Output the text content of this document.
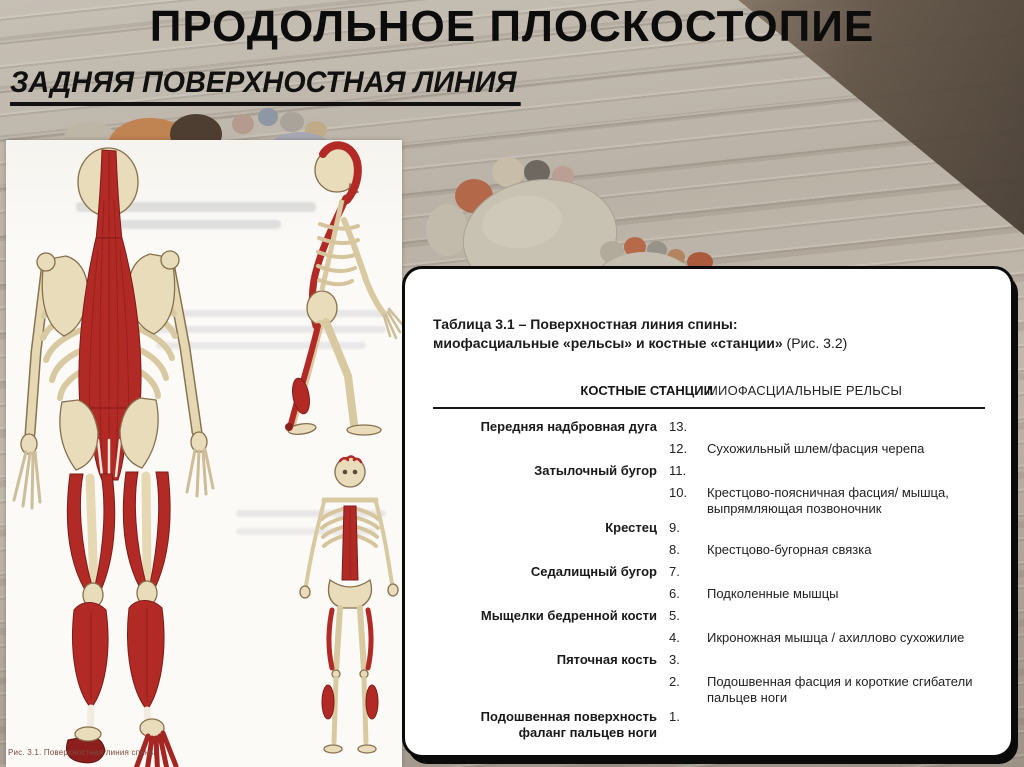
ПРОДОЛЬНОЕ ПЛОСКОСТОПИЕ
ЗАДНЯЯ ПОВЕРХНОСТНАЯ ЛИНИЯ
Рис. 3.1. Поверхностная линия спины
Таблица 3.1 – Поверхностная линия спины:
миофасциальные «рельсы» и костные «станции» (Рис. 3.2)
КОСТНЫЕ СТАНЦИИ
МИОФАСЦИАЛЬНЫЕ РЕЛЬСЫ
Передняя надбровная дуга 13.
12.	Сухожильный шлем/фасция черепа
Затылочный бугор 11.
10.	Крестцово-поясничная фасция/ мышца, выпрямляющая позвоночник
Крестец 9.
8.	Крестцово-бугорная связка
Седалищный бугор 7.
6.	Подколенные мышцы
Мыщелки бедренной кости 5.
4.	Икроножная мышца / ахиллово сухожилие
Пяточная кость 3.
2.	Подошвенная фасция и короткие сгибатели пальцев ноги
Подошвенная поверхность фаланг пальцев ноги
1.
